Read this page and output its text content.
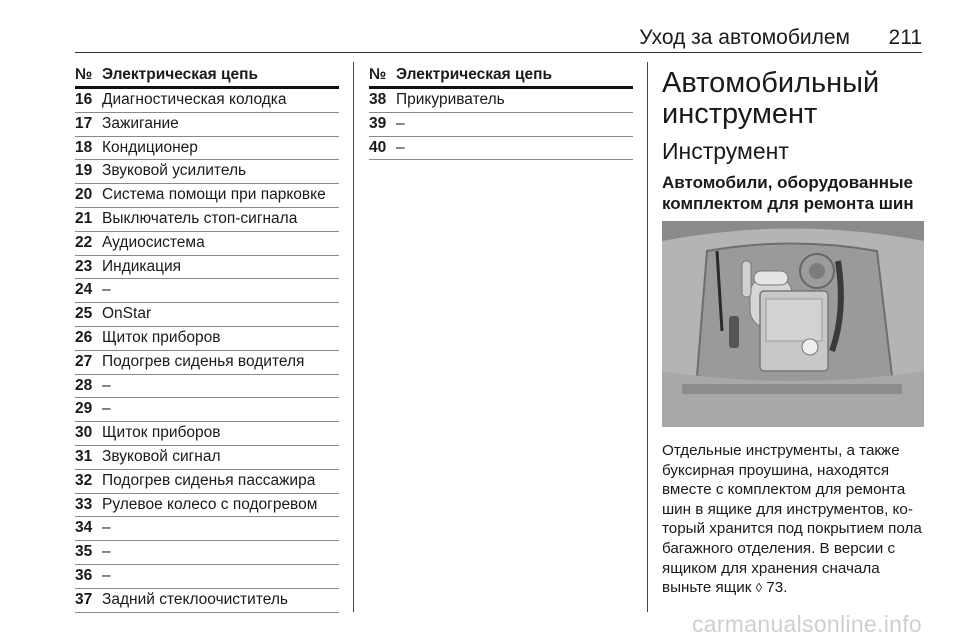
Уход за автомобилем 211
№ Электрическая цепь
16 Диагностическая колодка
17 Зажигание
18 Кондиционер
19 Звуковой усилитель
20 Система помощи при парковке
21 Выключатель стоп-сигнала
22 Аудиосистема
23 Индикация
24 –
25 OnStar
26 Щиток приборов
27 Подогрев сиденья водителя
28 –
29 –
30 Щиток приборов
31 Звуковой сигнал
32 Подогрев сиденья пассажира
33 Рулевое колесо с подогревом
34 –
35 –
36 –
37 Задний стеклоочиститель
№ Электрическая цепь
38 Прикуриватель
39 –
40 –
Автомобильный инструмент
Инструмент
Автомобили, оборудованные комплектом для ремонта шин

Отдельные инструменты, а также буксирная проушина, находятся вместе с комплектом для ремонта шин в ящике для инструментов, который хранится под покрытием пола багажного отделения. В версии с ящиком для хранения сначала выньте ящик ◊ 73.

carmanualsonline.info
